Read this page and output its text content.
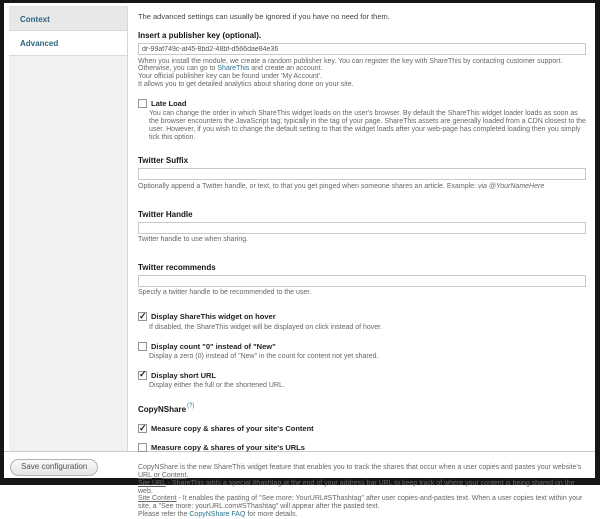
Context
Advanced
The advanced settings can usually be ignored if you have no need for them.
Insert a publisher key (optional).
dr-99af749c-af45-8bd2-48bf-d566dae84e36
When you install the module, we create a random publisher key. You can register the key with ShareThis by contacting customer support. Otherwise, you can go to ShareThis and create an account.
Your official publisher key can be found under 'My Account'.
It allows you to get detailed analytics about sharing done on your site.
Late Load
You can change the order in which ShareThis widget loads on the user's browser. By default the ShareThis widget loader loads as soon as the browser encounters the JavaScript tag; typically in the tag of your page. ShareThis assets are generally loaded from a CDN closest to the user. However, if you wish to change the default setting to that the widget loads after your web-page has completed loading then you simply tick this option.
Twitter Suffix
Optionally append a Twitter handle, or text, to that you get pinged when someone shares an article. Example: via @YourNameHere
Twitter Handle
Twitter handle to use when sharing.
Twitter recommends
Specify a twitter handle to be recommended to the user.
✓
Display ShareThis widget on hover
If disabled, the ShareThis widget will be displayed on click instead of hover.
Display count "0" instead of "New"
Display a zero (0) instead of "New" in the count for content not yet shared.
✓
Display short URL
Display either the full or the shortened URL.
CopyNShare (?)
✓
Measure copy & shares of your site's Content
Measure copy & shares of your site's URLs
CopyNShare is the new ShareThis widget feature that enables you to track the shares that occur when a user copies and pastes your website's URL or Content.
Site URL - ShareThis adds a special #hashtag at the end of your address bar URL to keep track of where your content is being shared on the web.
Site Content - It enables the pasting of "See more: YourURL#SThashtag" after user copies-and-pastes text. When a user copies text within your site, a "See more: yourURL.com#SThashtag" will appear after the pasted text.
Please refer the CopyNShare FAQ for more details.
Save configuration
